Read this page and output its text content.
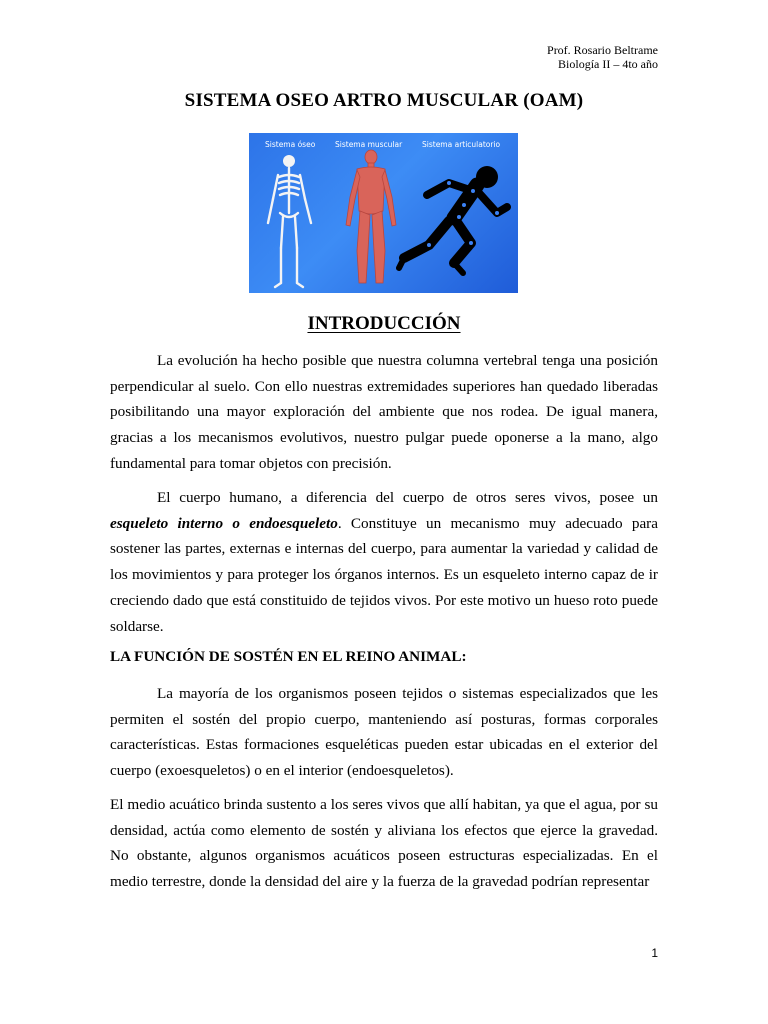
Prof. Rosario Beltrame
Biología II – 4to año
SISTEMA OSEO ARTRO MUSCULAR (OAM)
Sistema óseo	Sistema muscular	Sistema articulatorio
INTRODUCCIÓN

La evolución ha hecho posible que nuestra columna vertebral tenga una posición perpendicular al suelo. Con ello nuestras extremidades superiores han quedado liberadas posibilitando una mayor exploración del ambiente que nos rodea. De igual manera, gracias a los mecanismos evolutivos, nuestro pulgar puede oponerse a la mano, algo fundamental para tomar objetos con precisión.

El cuerpo humano, a diferencia del cuerpo de otros seres vivos, posee un esqueleto interno o endoesqueleto. Constituye un mecanismo muy adecuado para sostener las partes, externas e internas del cuerpo, para aumentar la variedad y calidad de los movimientos y para proteger los órganos internos. Es un esqueleto interno capaz de ir creciendo dado que está constituido de tejidos vivos. Por este motivo un hueso roto puede soldarse.

LA FUNCIÓN DE SOSTÉN EN EL REINO ANIMAL:

La mayoría de los organismos poseen tejidos o sistemas especializados que les permiten el sostén del propio cuerpo, manteniendo así posturas, formas corporales características. Estas formaciones esqueléticas pueden estar ubicadas en el exterior del cuerpo (exoesqueletos) o en el interior (endoesqueletos).

El medio acuático brinda sustento a los seres vivos que allí habitan, ya que el agua, por su densidad, actúa como elemento de sostén y aliviana los efectos que ejerce la gravedad. No obstante, algunos organismos acuáticos poseen estructuras especializadas. En el medio terrestre, donde la densidad del aire y la fuerza de la gravedad podrían representar

1
